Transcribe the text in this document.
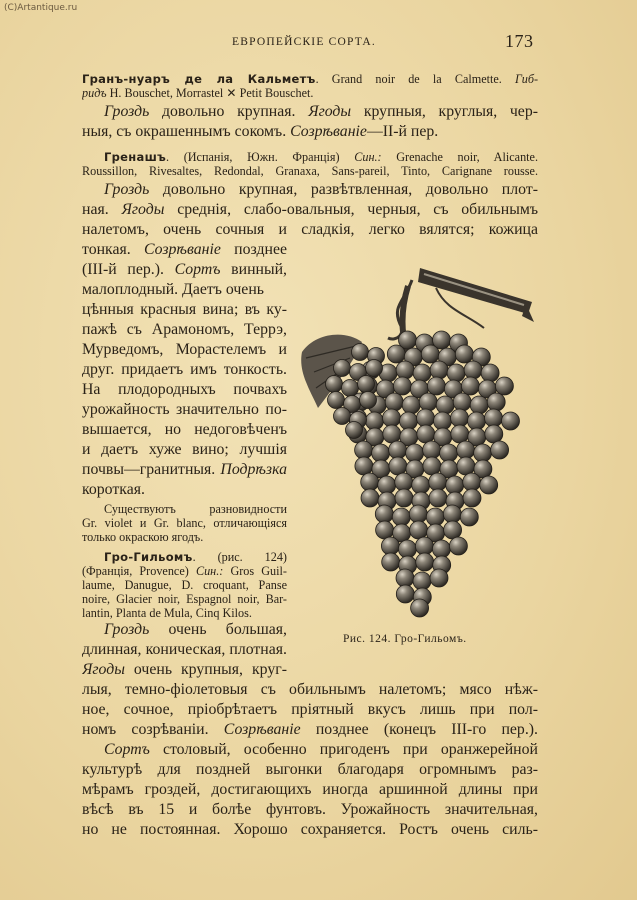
(C)Artantique.ru
ЕВРОПЕЙСКІЕ СОРТА.	173
Гранъ-нуаръ де ла Кальметъ. Grand noir de la Calmette. Гиб-
ридъ H. Bouschet, Morrastel ✕ Petit Bouschet.
Гроздь довольно крупная. Ягоды крупныя, круглыя, чер-
ныя, съ окрашеннымъ сокомъ. Созрѣваніе—II-й пер.
Гренашъ. (Испанія, Южн. Франція) Син.: Grenache noir, Alicante.
Roussillon, Rivesaltes, Redondal, Granaxa, Sans-pareil, Tinto, Carignane rousse.
Гроздь довольно крупная, развѣтвленная, довольно плот-
ная. Ягоды среднія, слабо-овальныя, черныя, съ обильнымъ
налетомъ, очень сочныя и сладкія, легко вялятся; кожица
тонкая. Созрѣваніе позднее
(III-й пер.). Сортъ винный,
малоплодный. Даетъ очень
цѣнныя красныя вина; въ ку-
пажѣ съ Арамономъ, Террэ,
Мурведомъ, Морастелемъ и
друг. придаетъ имъ тонкость.
На плодородныхъ почвахъ
урожайность значительно по-
вышается, но недоговѣченъ
и даетъ хуже вино; лучшія
почвы—гранитныя. Подрѣзка
короткая.
Существуютъ разновидности
Gr. violet и Gr. blanc, отличающіяся
только окраскою ягодъ.
Гро-Гильомъ. (рис. 124)
(Франція, Provence) Син.: Gros Guil-
laume, Danugue, D. croquant, Panse
noire, Glacier noir, Espagnol noir, Bar-
lantin, Planta de Mula, Cinq Kilos.
Гроздь очень большая,
длинная, коническая, плотная.
Ягоды очень крупныя, круг-
лыя, темно-фіолетовыя съ обильнымъ налетомъ; мясо нѣж-
ное, сочное, пріобрѣтаетъ пріятный вкусъ лишь при пол-
номъ созрѣваніи. Созрѣваніе позднее (конецъ III-го пер.).
Сортъ столовый, особенно пригоденъ при оранжерейной
культурѣ для поздней выгонки благодаря огромнымъ раз-
мѣрамъ гроздей, достигающихъ иногда аршинной длины при
вѣсѣ въ 15 и болѣе фунтовъ. Урожайность значительная,
но не постоянная. Хорошо сохраняется. Ростъ очень силь-
Рис. 124. Гро-Гильомъ.
